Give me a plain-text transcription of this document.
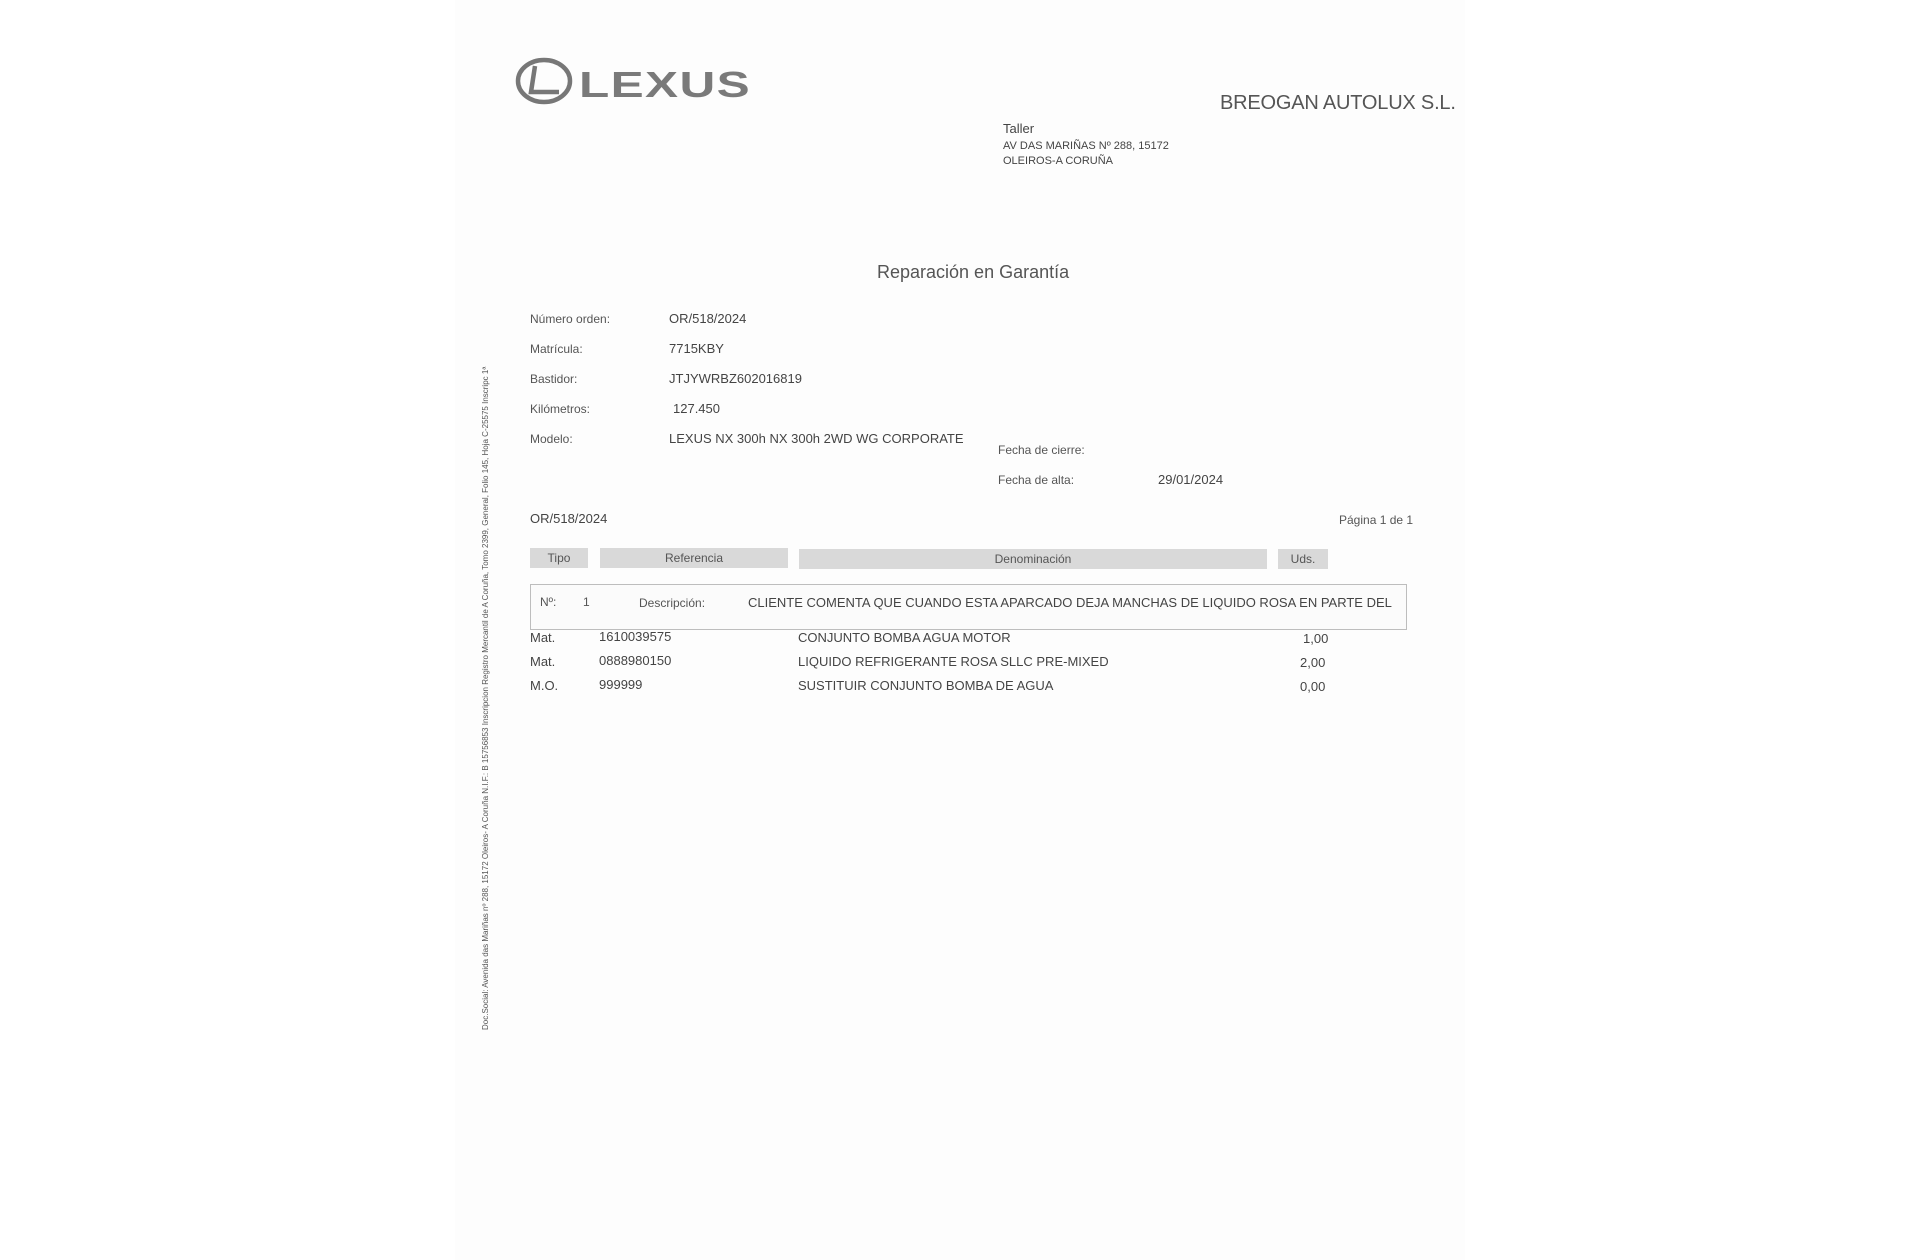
LEXUS	BREOGAN AUTOLUX S.L.
Taller
AV DAS MARIÑAS Nº 288, 15172
OLEIROS-A CORUÑA
Reparación en Garantía
Número orden:	OR/518/2024
Matrícula:	7715KBY
Bastidor:	JTJYWRBZ602016819
Kilómetros:	127.450
Modelo:	LEXUS NX 300h NX 300h 2WD WG CORPORATE
Fecha de cierre:
Fecha de alta:	29/01/2024
OR/518/2024	Página 1 de 1
Tipo	Referencia	Denominación	Uds.
Nº: 1	Descripción:	CLIENTE COMENTA QUE CUANDO ESTA APARCADO DEJA MANCHAS DE LIQUIDO ROSA EN PARTE DEL
Mat.	1610039575	CONJUNTO BOMBA AGUA MOTOR	1,00
Mat.	0888980150	LIQUIDO REFRIGERANTE ROSA SLLC PRE-MIXED	2,00
M.O.	999999	SUSTITUIR CONJUNTO BOMBA DE AGUA	0,00
Doc.Social: Avenida das Mariñas nº 288, 15172 Oleiros- A Coruña N.I.F.: B 15756853 Inscripcion Registro Mercantil de A Coruña, Tomo 2399, General, Folio 145, Hoja C-25575 Inscripc 1ª
